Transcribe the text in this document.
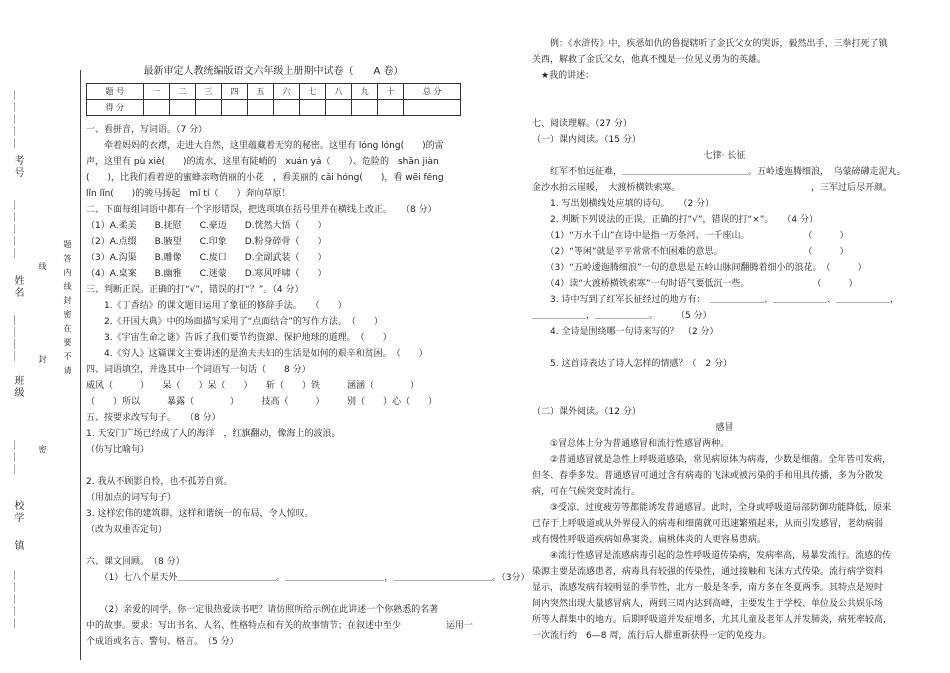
＿＿＿＿＿
考号
＿＿＿＿＿
姓名
＿＿＿＿
班级
＿＿＿
校学
镇
＿＿＿＿＿
线
封
密
题答内线封密在要不请
最新审定人教统编版语文六年级上册期中试卷（　　A 卷）
题 号	一	二	三	四	五	六	七	八	九	十	总 分
得 分											
一、看拼音，写词语。（7 分）
　　牵着妈妈的衣襟，走进大自然，这里蕴藏着无穷的秘密。这里有 lóng lóng(　　)的雷
声，这里有 pù xiè(　　)的流水，这里有陡峭的　xuán yá（　　）、危险的　shān jiàn
(　　)，比我们看着逆的蜜蜂亲吻俏丽的小花　，看美丽的 cǎi hóng(　　)，看 wēi fēng
lǐn lǐn(　　)的骏马扬起　mǐ tí（　　）奔向草原！
二、下面每组词语中都有一个字形错误，把选项填在括号里并在横线上改正。　　（8 分）
（1）A.柔美　　B.抚慰　　C.豪迈　　D.恍然大悟（　　）
（2）A.点缀　　B.腋望　　C.印象　　D.粉身碎骨（　　）
（3）A.沟渠　　B.雕像　　C.废口　　D.全副武装（　　）
（4）A.桌案　　B.幽雅　　C.迷蒙　　D.寒风呼啸（　　）
三、判断正误。正确的打“√”，错误的打“？”。（4 分）
　　1.《丁香结》的课文题目运用了象征的修辞手法。　　（　　）
　　2.《开国大典》中的场面描写采用了“点面结合”的写作方法。　（　　）
　　3.《宇宙生命之谜》告诉了我们要节约资源、保护地球的道理。　（　　）
　　4.《穷人》这篇课文主要讲述的是渔夫夫妇的生活是如何的艰辛和贫困。　（　　）
四、词语填空，并选其中一个词语写一句话（　　8 分）
威风（　　　）　　呆（　　）呆（　　）　　斩（　　）铁　　　涵涵（　　　　）
（　　）所以　　　暴露（　　　　）　　　技高（　　　）　　　别（　　）心（　　）
五、按要求改写句子。　　（8 分）
1. 天安门广场已经成了人的海洋　，红旗翻动，像海上的波浪。
（仿写比喻句）

2. 我从不顾影自怜，也不孤芳自赏。
（用加点的词写句子）
3. 这样宏伟的建筑群，这样和谐统一的布局，令人惊叹。
（改为双重否定句）

六、课文回顾。　（8 分）
　　（1）七八个星天外＿＿＿＿＿＿＿＿＿＿＿。＿＿＿＿＿＿＿＿＿＿＿，＿＿＿＿＿＿＿＿＿＿＿。（3分）

　　（2）亲爱的同学，你一定很热爱读书吧？请仿照所给示例在此讲述一个你熟悉的名著
中的故事。要求：写出书名、人名、性格特点和有关的故事情节；在叙述中至少　　　　　运用一
个成语或名言、警句、格言。　（5 分）
　　例：《水浒传》中，疾恶如仇的鲁提辖听了金氏父女的哭诉，毅然出手、三拳打死了镇
关西，解救了金氏父女，他真不愧是一位见义勇为的英雄。
　★我的讲述：

七、阅读理解。（27 分）
（一）课内阅读。（15 分）
七律· 长征
　　红军不怕远征难，＿＿＿＿＿＿＿＿＿＿＿＿＿＿。五岭逶迤腾细浪，　乌蒙磅礴走泥丸。
金沙水拍云崖暖，　大渡桥横铁索寒。　　　　　　　　　　　　　　　，三军过后尽开颜。
　　1. 写出划横线处应填的诗句。　　（2 分）
　　2. 判断下列说法的正误，正确的打“√”，错误的打“×”。　　（4 分）
　　（1）“万水千山”在诗中是指一万条河、一千座山。　　　　　　　（　　　）
　　（2）“等闲”就是平平常常不怕困难的意思。　　　　　　　　　　（　　　）
　　（3）“五岭逶迤腾细浪”一句的意思是五岭山脉间翻腾着细小的浪花。　（　　　）
　　（4）读“大渡桥横铁索寒”一句时语气要低沉一些。　　　　　　　　（　　　）
　　3. 诗中写到了红军长征经过的地方有：　＿＿＿＿＿＿、＿＿＿＿＿＿、＿＿＿＿＿＿，
＿＿＿＿＿＿，＿＿＿＿＿＿。　　　（5 分）
　　4. 全诗是围绕哪一句诗来写的？　（2 分）

　　5. 这首诗表达了诗人怎样的情感？（　2 分）

（二）课外阅读。（12 分）
感冒
　　①冒总体上分为普通感冒和流行性感冒两种。
　　②普通感冒就是急性上呼吸道感染，常见病原体为病毒，少数是细菌。全年皆可发病，
但冬、春季多发。普通感冒可通过含有病毒的飞沫或被污染的手和用具传播，多为分散发
病，可在气候突变时流行。
　　③受凉、过度疲劳等都能诱发普通感冒。此时，全身或呼吸道局部防御功能降低，原来
已存于上呼吸道或从外界侵入的病毒和细菌就可迅速繁殖起来，从而引发感冒，老幼病弱
或有慢性呼吸道疾病如鼻窦炎、扁桃体炎的人更容易患病。
　　④流行性感冒是流感病毒引起的急性呼吸道传染病，发病率高，易暴发流行。流感的传
染源主要是流感患者，病毒具有较强的传染性，通过接触和飞沫方式传染。流行病学资料
显示，流感发病有较明显的季节性，北方一般是冬季，南方多在冬夏两季。其特点是短时
间内突然出现大量感冒病人，两到三周内达到高峰，主要发生于学校、单位及公共娱乐场
所等人群集中的地方。后期呼吸道并发症增多，尤其儿童及老年人并发肺炎，病死率较高，
一次流行约　6—8 周，流行后人群重新获得一定的免疫力。
